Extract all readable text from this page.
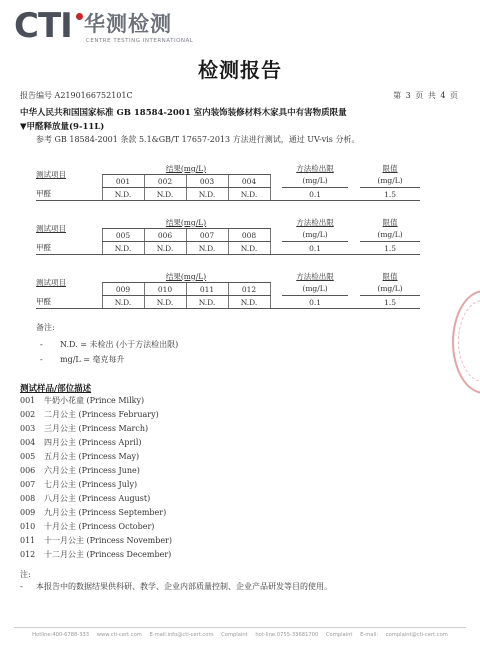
CTI 华测检测
CENTRE TESTING INTERNATIONAL
检测报告
报告编号 A2190166752101C	第 3 页 共 4 页
中华人民共和国国家标准 GB 18584-2001 室内装饰装修材料木家具中有害物质限量
▼甲醛释放量(9-11L)
参考 GB 18584-2001 条款 5.1&GB/T 17657-2013 方法进行测试，通过 UV-vis 分析。
测试项目	结果(mg/L)					方法检出限		限值
	001	002	003	004		(mg/L)		(mg/L)
甲醛	N.D.	N.D.	N.D.	N.D.		0.1		1.5
测试项目	结果(mg/L)					方法检出限		限值
	005	006	007	008		(mg/L)		(mg/L)
甲醛	N.D.	N.D.	N.D.	N.D.		0.1		1.5
测试项目	结果(mg/L)					方法检出限		限值
	009	010	011	012		(mg/L)		(mg/L)
甲醛	N.D.	N.D.	N.D.	N.D.		0.1		1.5
备注:
- N.D. = 未检出 (小于方法检出限)
- mg/L = 毫克每升
测试样品/部位描述
001 牛奶小花童 (Prince Milky)
002 二月公主 (Princess February)
003 三月公主 (Princess March)
004 四月公主 (Princess April)
005 五月公主 (Princess May)
006 六月公主 (Princess June)
007 七月公主 (Princess July)
008 八月公主 (Princess August)
009 九月公主 (Princess September)
010 十月公主 (Princess October)
011 十一月公主 (Princess November)
012 十二月公主 (Princess December)
注:
- 本报告中的数据结果供科研、教学、企业内部质量控制、企业产品研发等目的使用。
Hotline:400-6788-333 www.cti-cert.com E-mail:info@cti-cert.com Complaint hot-line:0755-33681700 Complaint E-mail: complaint@cti-cert.com
